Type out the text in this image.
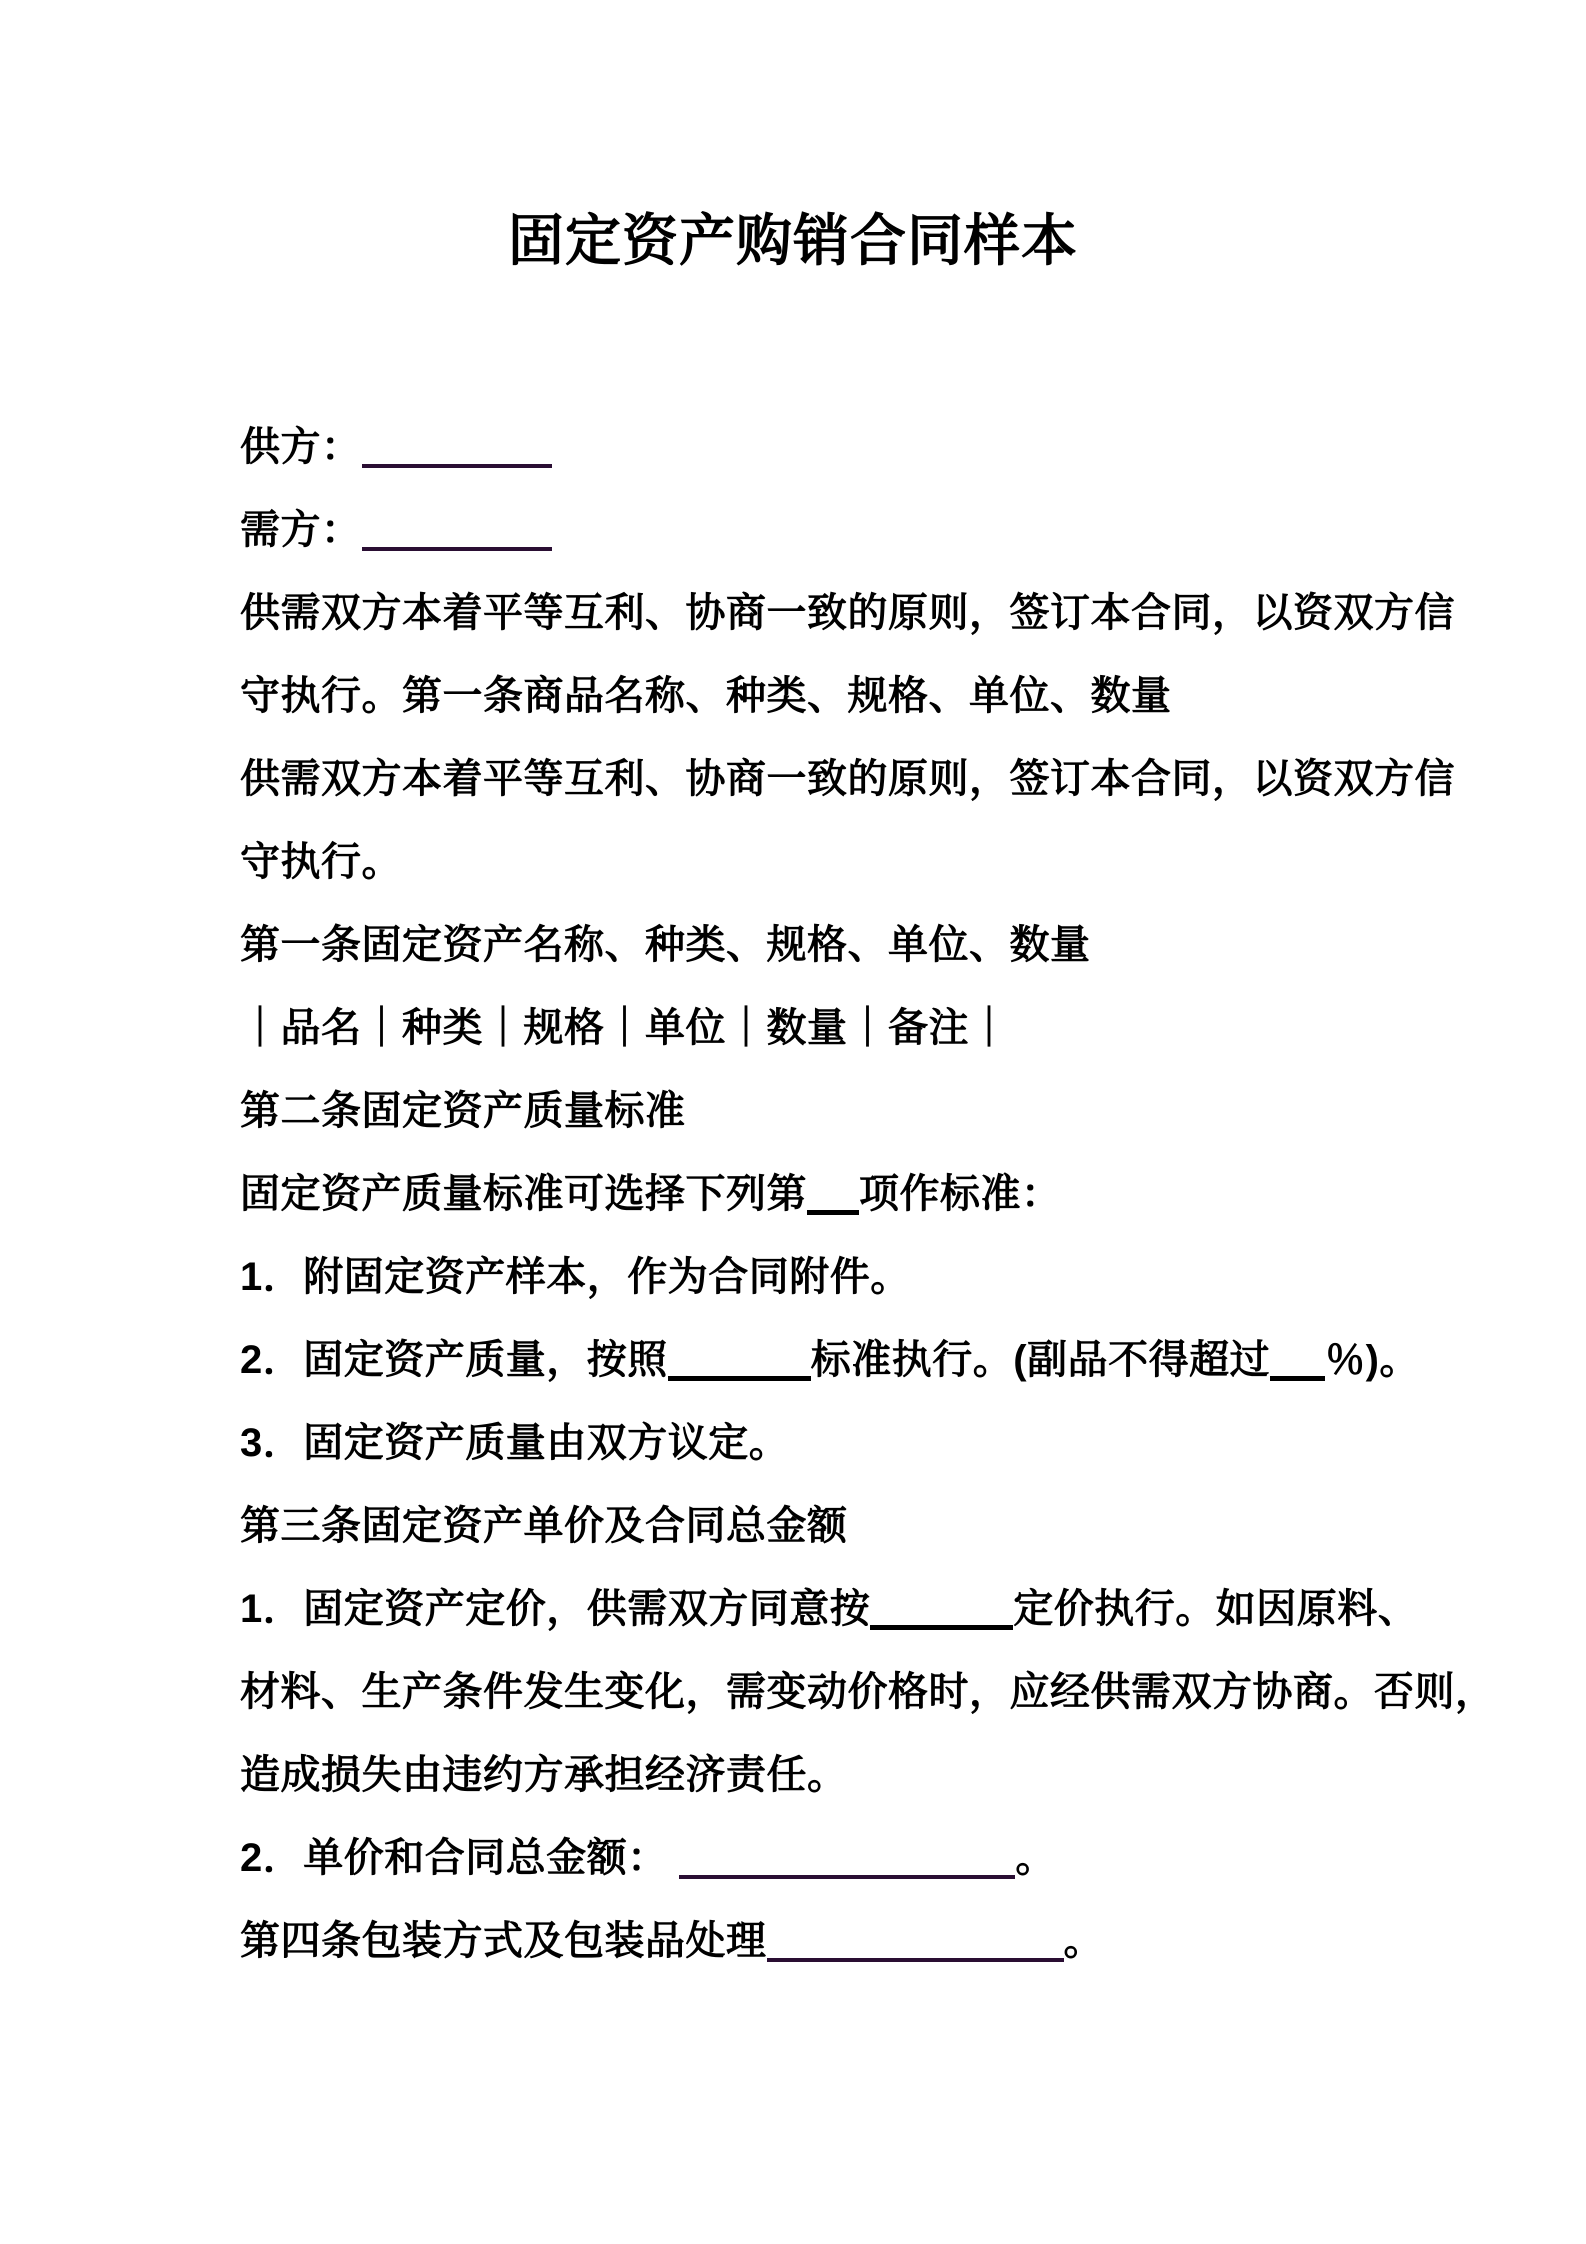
固定资产购销合同样本

供方：

需方：

供需双方本着平等互利、协商一致的原则，签订本合同，以资双方信

守执行。第一条商品名称、种类、规格、单位、数量

供需双方本着平等互利、协商一致的原则，签订本合同，以资双方信

守执行。

第一条固定资产名称、种类、规格、单位、数量

｜品名｜种类｜规格｜单位｜数量｜备注｜

第二条固定资产质量标准

固定资产质量标准可选择下列第 项作标准：

1．附固定资产样本，作为合同附件。

2．固定资产质量，按照	标准执行。(副品不得超过 ％)。

3．固定资产质量由双方议定。

第三条固定资产单价及合同总金额

1．固定资产定价，供需双方同意按	定价执行。如因原料、

材料、生产条件发生变化，需变动价格时，应经供需双方协商。否则，

造成损失由违约方承担经济责任。

2．单价和合同总金额：	。

第四条包装方式及包装品处理	。
